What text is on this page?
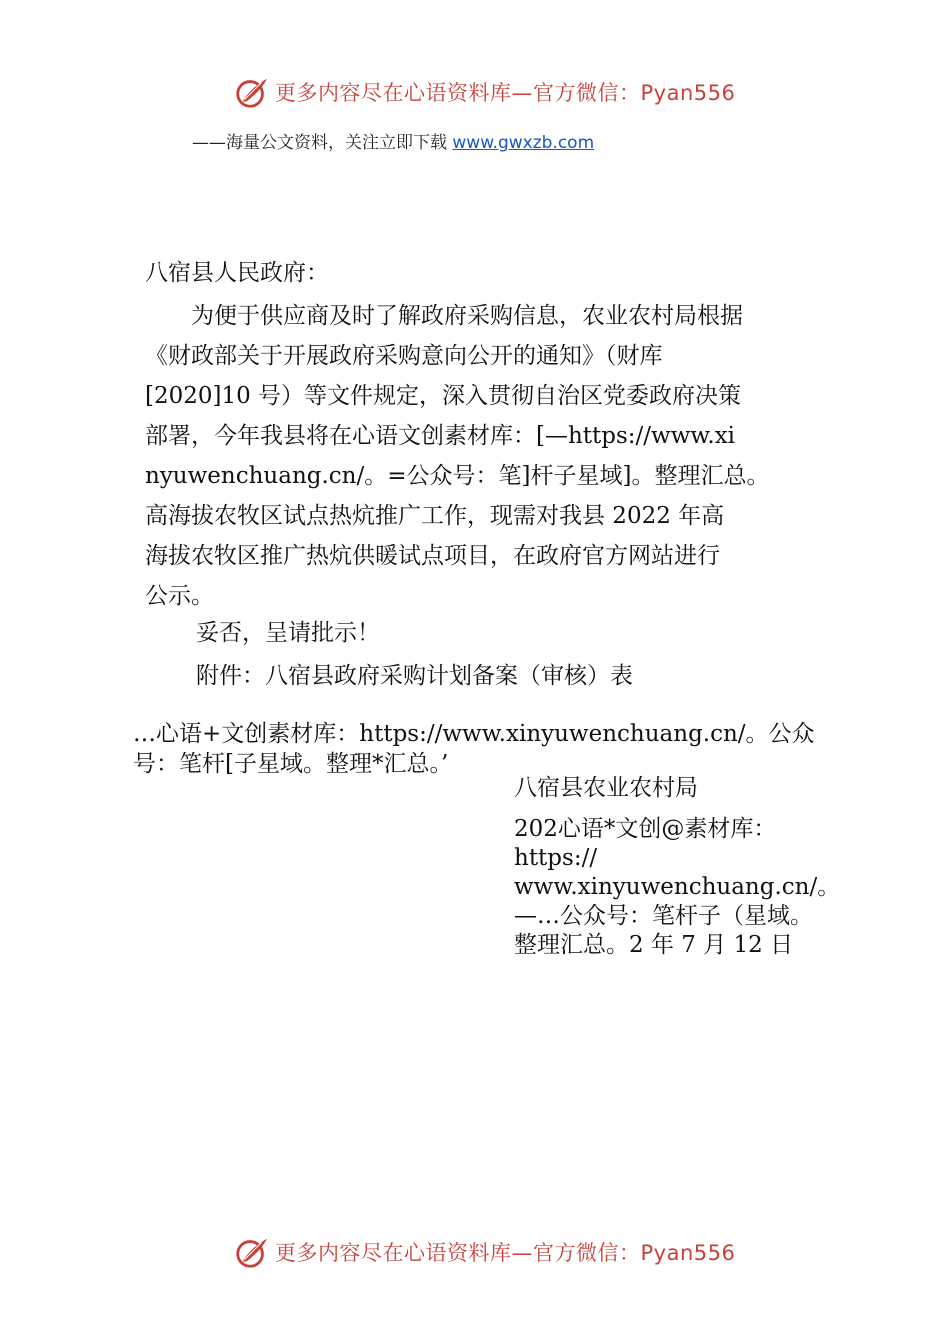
更多内容尽在心语资料库—官方微信：Pyan556
——海量公文资料，关注立即下载 www.gwxzb.com
八宿县人民政府：
为便于供应商及时了解政府采购信息，农业农村局根据
《财政部关于开展政府采购意向公开的通知》（财库
[2020]10 号）等文件规定，深入贯彻自治区党委政府决策
部署，今年我县将在心语文创素材库：[—https://www.xi
nyuwenchuang.cn/。=公众号：笔]杆子星域]。整理汇总。
高海拔农牧区试点热炕推广工作，现需对我县 2022 年高
海拔农牧区推广热炕供暖试点项目，在政府官方网站进行
公示。
妥否，呈请批示！
附件：八宿县政府采购计划备案（审核）表
…心语+文创素材库：https://www.xinyuwenchuang.cn/。公众
号：笔杆[子星域。整理*汇总。’
八宿县农业农村局
202心语*文创@素材库：
https://
www.xinyuwenchuang.cn/。
—…公众号：笔杆子（星域。
整理汇总。2 年 7 月 12 日
更多内容尽在心语资料库—官方微信：Pyan556
